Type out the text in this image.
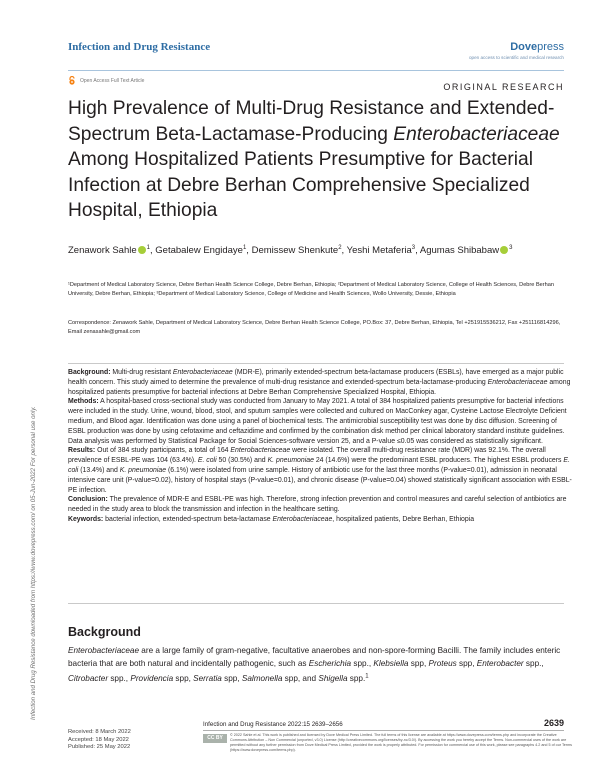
Infection and Drug Resistance	Dovepress
open access to scientific and medical research
Open Access Full Text Article
ORIGINAL RESEARCH
High Prevalence of Multi-Drug Resistance and Extended-Spectrum Beta-Lactamase-Producing Enterobacteriaceae Among Hospitalized Patients Presumptive for Bacterial Infection at Debre Berhan Comprehensive Specialized Hospital, Ethiopia
Zenawork Sahle $^1$, Getabalew Engidaye$^1$, Demissew Shenkute$^2$, Yeshi Metaferia$^3$, Agumas Shibabaw $^3$
¹Department of Medical Laboratory Science, Debre Berhan Health Science College, Debre Berhan, Ethiopia; ²Department of Medical Laboratory Science, College of Health Sciences, Debre Berhan University, Debre Berhan, Ethiopia; ³Department of Medical Laboratory Science, College of Medicine and Health Sciences, Wollo University, Dessie, Ethiopia
Correspondence: Zenawork Sahle, Department of Medical Laboratory Science, Debre Berhan Health Science College, PO.Box: 37, Debre Berhan, Ethiopia, Tel +251915536212, Fax +251116814296, Email zenasahle@gmail.com

Background: Multi-drug resistant Enterobacteriaceae (MDR-E), primarily extended-spectrum beta-lactamase producers (ESBLs), have emerged as a major public health concern. This study aimed to determine the prevalence of multi-drug resistance and extended-spectrum beta-lactamase-producing Enterobacteriaceae among hospitalized patients presumptive for bacterial infections at Debre Berhan Comprehensive Specialized Hospital, Ethiopia.

Methods: A hospital-based cross-sectional study was conducted from January to May 2021. A total of 384 hospitalized patients presumptive for bacterial infections were included in the study. Urine, wound, blood, stool, and sputum samples were collected and cultured on MacConkey agar, Cysteine Lactose Electrolyte Deficient medium, and Blood agar. Identification was done using a panel of biochemical tests. The antimicrobial susceptibility test was done by disc diffusion. Screening of ESBL production was done by using cefotaxime and ceftazidime and confirmed by the combination disk method per clinical laboratory standard institute guidelines. Data analysis was performed by Statistical Package for Social Sciences-software version 25, and a P-value ≤0.05 was considered as statistically significant.

Results: Out of 384 study participants, a total of 164 Enterobacteriaceae were isolated. The overall multi-drug resistance rate (MDR) was 92.1%. The overall prevalence of ESBL-PE was 104 (63.4%). E. coli 50 (30.5%) and K. pneumoniae 24 (14.6%) were the predominant ESBL producers. The highest ESBL producers E. coli (13.4%) and K. pneumoniae (6.1%) were isolated from urine sample. History of antibiotic use for the last three months (P-value=0.01), admission in neonatal intensive care unit (P-value=0.02), history of hospital stays (P-value=0.01), and chronic disease (P-value=0.04) showed statistically significant association with ESBL-PE infection.

Conclusion: The prevalence of MDR-E and ESBL-PE was high. Therefore, strong infection prevention and control measures and careful selection of antibiotics are needed in the study area to block the transmission and infection in the healthcare setting.

Keywords: bacterial infection, extended-spectrum beta-lactamase Enterobacteriaceae, hospitalized patients, Debre Berhan, Ethiopia

Background
Enterobacteriaceae are a large family of gram-negative, facultative anaerobes and non-spore-forming Bacilli. The family includes enteric bacteria that are both natural and incidentally pathogenic, such as Escherichia spp., Klebsiella spp, Proteus spp, Enterobacter spp., Citrobacter spp., Providencia spp, Serratia spp, Salmonella spp, and Shigella spp.$^1$
Infection and Drug Resistance downloaded from https://www.dovepress.com/ on 05-Jun-2022 For personal use only.
Received: 8 March 2022
Accepted: 18 May 2022
Published: 25 May 2022
Infection and Drug Resistance 2022:15 2639–2656	2639
CC BY NC
© 2022 Sahle et al. This work is published and licensed by Dove Medical Press Limited. The full terms of this license are available at https://www.dovepress.com/terms.php and incorporate the Creative Commons Attribution – Non Commercial (unported, v3.0) License (http://creativecommons.org/licenses/by-nc/3.0/). By accessing the work you hereby accept the Terms. Non-commercial uses of the work are permitted without any further permission from Dove Medical Press Limited, provided the work is properly attributed. For permission for commercial use of this work, please see paragraphs 4.2 and 5 of our Terms (https://www.dovepress.com/terms.php).
